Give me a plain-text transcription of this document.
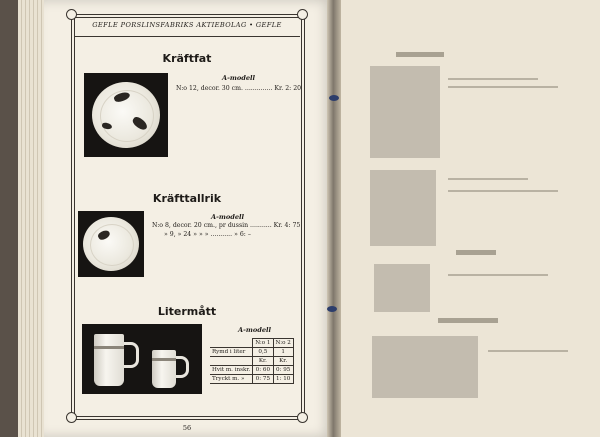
GEFLE PORSLINSFABRIKS AKTIEBOLAG • GEFLE
Kräftfat
A-modell
N:o 12, decor. 30 cm. .............. Kr. 2: 20
Kräfttallrik
A-modell
N:o 8, decor. 20 cm., pr dussin ........... Kr. 4: 75
» 9, » 24 » » » ........... » 6: –
Litermått
A-modell
	N:o 1	N:o 2
Rymd i liter	0,5	1
	Kr.	Kr.
Hvit m. inskr.	0: 60	0: 95
Tryckt m. »	0: 75	1: 10
56
